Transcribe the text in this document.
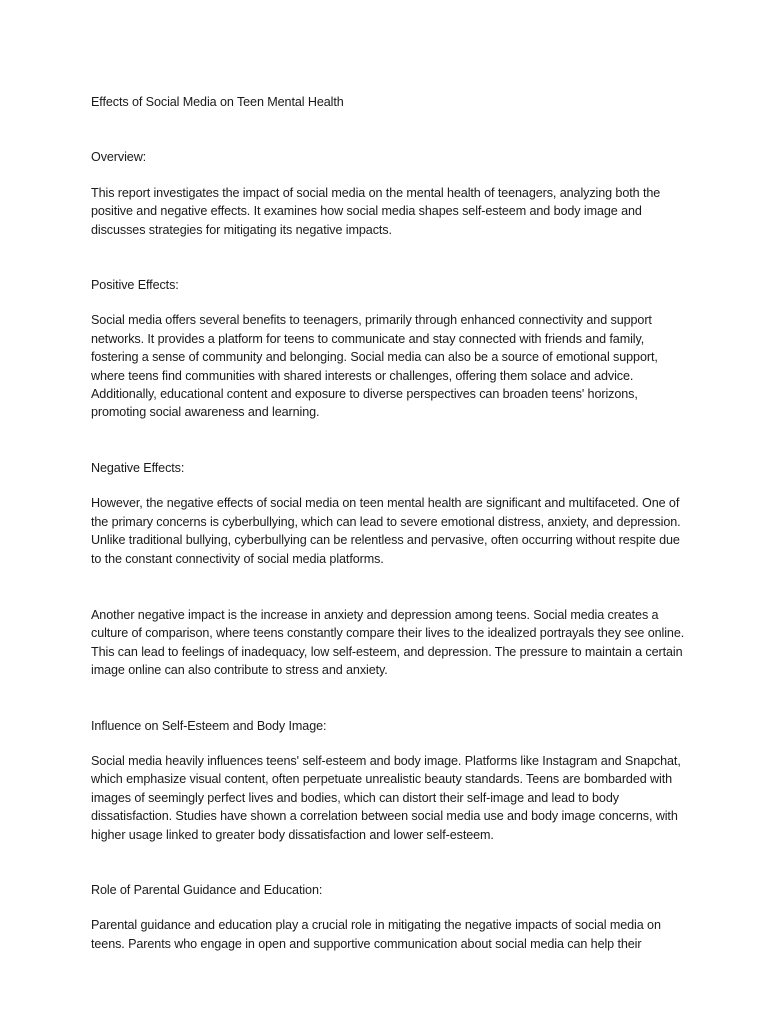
Effects of Social Media on Teen Mental Health
Overview:

This report investigates the impact of social media on the mental health of teenagers, analyzing both the positive and negative effects. It examines how social media shapes self-esteem and body image and discusses strategies for mitigating its negative impacts.

Positive Effects:

Social media offers several benefits to teenagers, primarily through enhanced connectivity and support networks. It provides a platform for teens to communicate and stay connected with friends and family, fostering a sense of community and belonging. Social media can also be a source of emotional support, where teens find communities with shared interests or challenges, offering them solace and advice. Additionally, educational content and exposure to diverse perspectives can broaden teens' horizons, promoting social awareness and learning.

Negative Effects:

However, the negative effects of social media on teen mental health are significant and multifaceted. One of the primary concerns is cyberbullying, which can lead to severe emotional distress, anxiety, and depression. Unlike traditional bullying, cyberbullying can be relentless and pervasive, often occurring without respite due to the constant connectivity of social media platforms.

Another negative impact is the increase in anxiety and depression among teens. Social media creates a culture of comparison, where teens constantly compare their lives to the idealized portrayals they see online. This can lead to feelings of inadequacy, low self-esteem, and depression. The pressure to maintain a certain image online can also contribute to stress and anxiety.

Influence on Self-Esteem and Body Image:

Social media heavily influences teens' self-esteem and body image. Platforms like Instagram and Snapchat, which emphasize visual content, often perpetuate unrealistic beauty standards. Teens are bombarded with images of seemingly perfect lives and bodies, which can distort their self-image and lead to body dissatisfaction. Studies have shown a correlation between social media use and body image concerns, with higher usage linked to greater body dissatisfaction and lower self-esteem.

Role of Parental Guidance and Education:

Parental guidance and education play a crucial role in mitigating the negative impacts of social media on teens. Parents who engage in open and supportive communication about social media can help their
